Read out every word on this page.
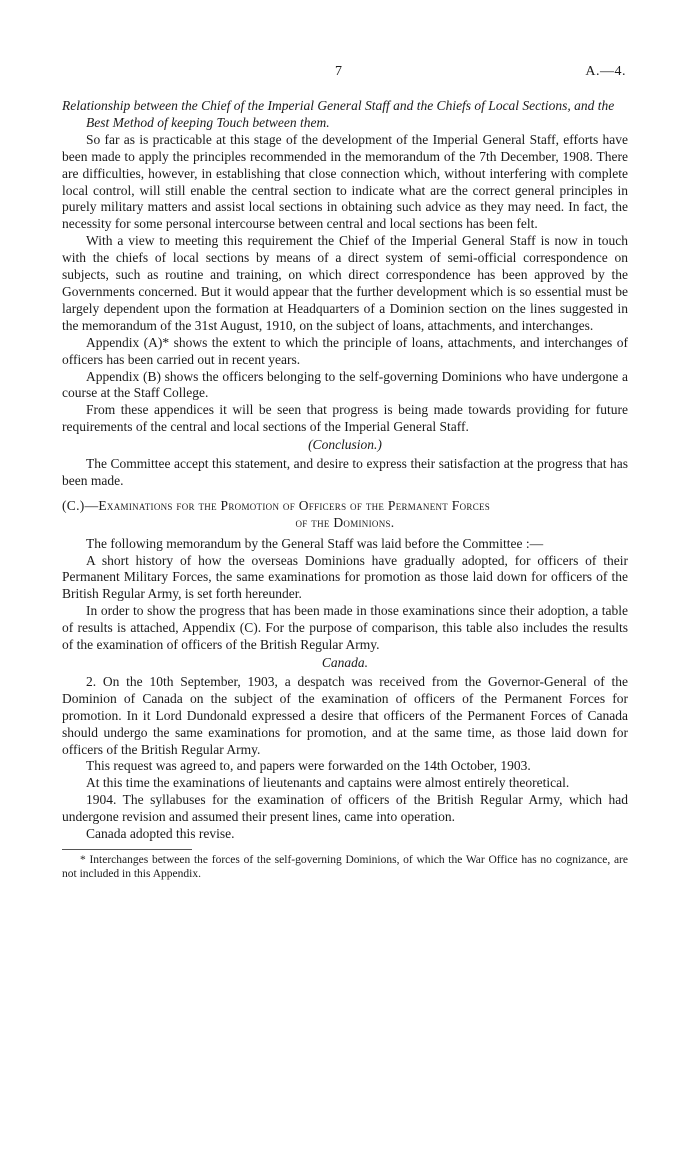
7	A.—4.

Relationship between the Chief of the Imperial General Staff and the Chiefs of Local Sections, and the Best Method of keeping Touch between them.

So far as is practicable at this stage of the development of the Imperial General Staff, efforts have been made to apply the principles recommended in the memorandum of the 7th December, 1908. There are difficulties, however, in establishing that close connection which, without interfering with complete local control, will still enable the central section to indicate what are the correct general principles in purely military matters and assist local sections in obtaining such advice as they may need. In fact, the necessity for some personal intercourse between central and local sections has been felt.

With a view to meeting this requirement the Chief of the Imperial General Staff is now in touch with the chiefs of local sections by means of a direct system of semi-official correspondence on subjects, such as routine and training, on which direct correspondence has been approved by the Governments concerned. But it would appear that the further development which is so essential must be largely dependent upon the formation at Headquarters of a Dominion section on the lines suggested in the memorandum of the 31st August, 1910, on the subject of loans, attachments, and interchanges.

Appendix (A)* shows the extent to which the principle of loans, attachments, and interchanges of officers has been carried out in recent years.

Appendix (B) shows the officers belonging to the self-governing Dominions who have undergone a course at the Staff College.

From these appendices it will be seen that progress is being made towards providing for future requirements of the central and local sections of the Imperial General Staff.

(Conclusion.)

The Committee accept this statement, and desire to express their satisfaction at the progress that has been made.

(C.)—Examinations for the Promotion of Officers of the Permanent Forces
of the Dominions.

The following memorandum by the General Staff was laid before the Committee :—

A short history of how the overseas Dominions have gradually adopted, for officers of their Permanent Military Forces, the same examinations for promotion as those laid down for officers of the British Regular Army, is set forth hereunder.

In order to show the progress that has been made in those examinations since their adoption, a table of results is attached, Appendix (C). For the purpose of comparison, this table also includes the results of the examination of officers of the British Regular Army.

Canada.

2. On the 10th September, 1903, a despatch was received from the Governor-General of the Dominion of Canada on the subject of the examination of officers of the Permanent Forces for promotion. In it Lord Dundonald expressed a desire that officers of the Permanent Forces of Canada should undergo the same examinations for promotion, and at the same time, as those laid down for officers of the British Regular Army.

This request was agreed to, and papers were forwarded on the 14th October, 1903.

At this time the examinations of lieutenants and captains were almost entirely theoretical.

1904. The syllabuses for the examination of officers of the British Regular Army, which had undergone revision and assumed their present lines, came into operation.

Canada adopted this revise.

* Interchanges between the forces of the self-governing Dominions, of which the War Office has no cognizance, are not included in this Appendix.
